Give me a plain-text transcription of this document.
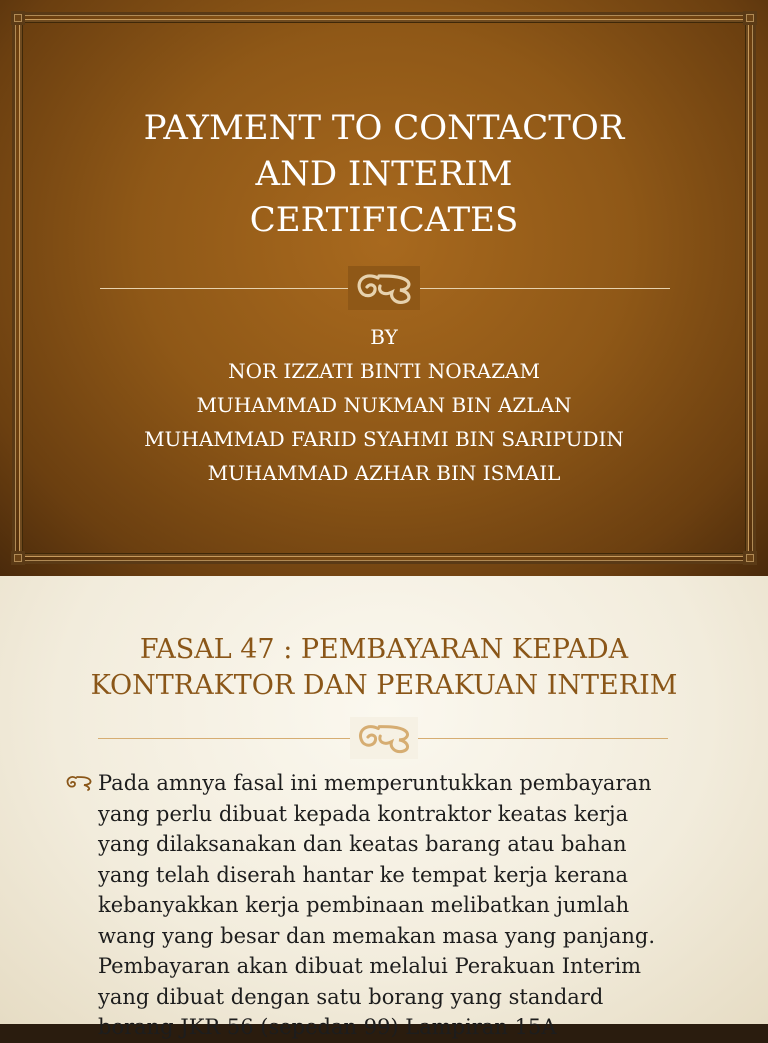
PAYMENT TO CONTACTOR
AND INTERIM
CERTIFICATES
BY
NOR IZZATI BINTI NORAZAM
MUHAMMAD NUKMAN BIN AZLAN
MUHAMMAD FARID SYAHMI BIN SARIPUDIN
MUHAMMAD AZHAR BIN ISMAIL
FASAL 47 : PEMBAYARAN KEPADA
KONTRAKTOR DAN PERAKUAN INTERIM
Pada amnya fasal ini memperuntukkan pembayaran
yang perlu dibuat kepada kontraktor keatas kerja
yang dilaksanakan dan keatas barang atau bahan
yang telah diserah hantar ke tempat kerja kerana
kebanyakkan kerja pembinaan melibatkan jumlah
wang yang besar dan memakan masa yang panjang.
Pembayaran akan dibuat melalui Perakuan Interim
yang dibuat dengan satu borang yang standard
borang JKR 56 (sepedan 99) Lampiran 15A
